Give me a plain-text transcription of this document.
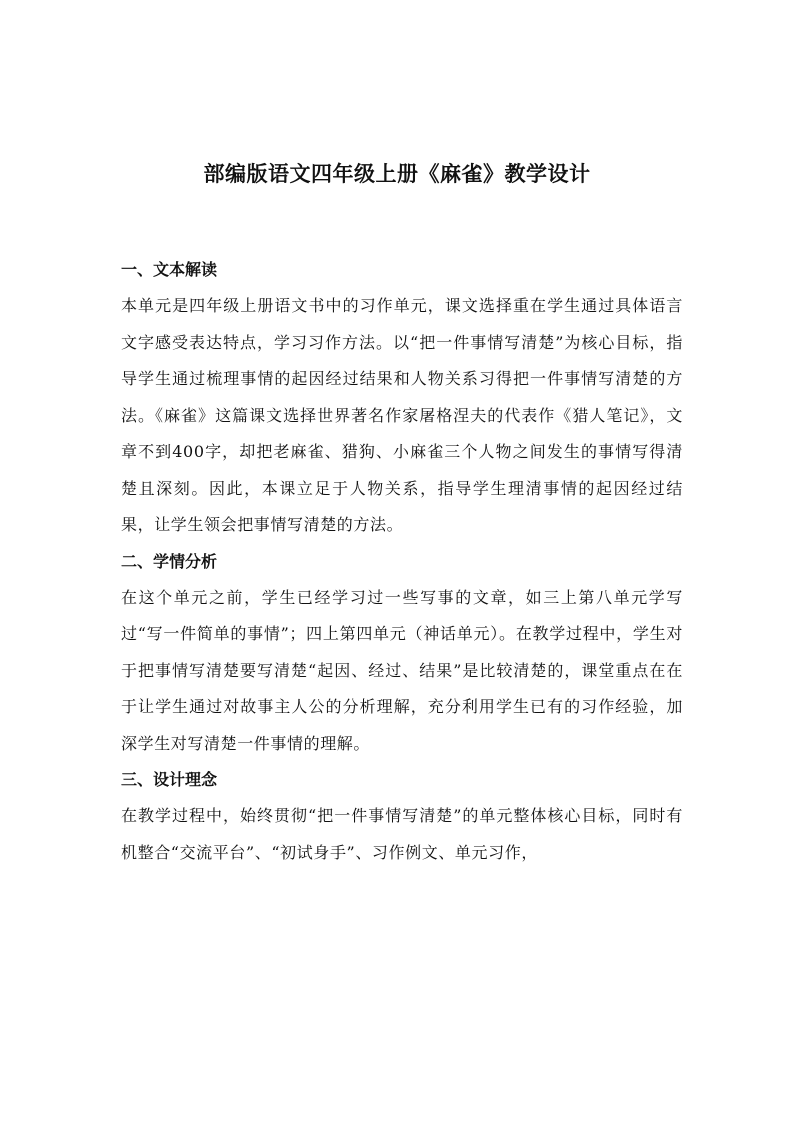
部编版语文四年级上册《麻雀》教学设计

一、文本解读

本单元是四年级上册语文书中的习作单元，课文选择重在学生通过具体语言文字感受表达特点，学习习作方法。以“把一件事情写清楚”为核心目标，指导学生通过梳理事情的起因经过结果和人物关系习得把一件事情写清楚的方法。《麻雀》这篇课文选择世界著名作家屠格涅夫的代表作《猎人笔记》，文章不到400字，却把老麻雀、猎狗、小麻雀三个人物之间发生的事情写得清楚且深刻。因此，本课立足于人物关系，指导学生理清事情的起因经过结果，让学生领会把事情写清楚的方法。

二、学情分析

在这个单元之前，学生已经学习过一些写事的文章，如三上第八单元学写过“写一件简单的事情”；四上第四单元（神话单元）。在教学过程中，学生对于把事情写清楚要写清楚“起因、经过、结果”是比较清楚的，课堂重点在在于让学生通过对故事主人公的分析理解，充分利用学生已有的习作经验，加深学生对写清楚一件事情的理解。

三、设计理念

在教学过程中，始终贯彻“把一件事情写清楚”的单元整体核心目标，同时有机整合“交流平台”、“初试身手”、习作例文、单元习作，
